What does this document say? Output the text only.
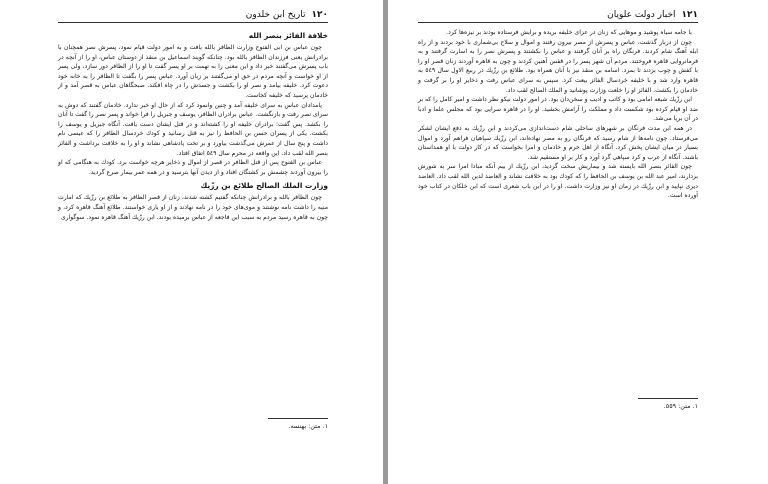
١٢٠
تاريخ ابن خلدون
خلافة الفائز بنصر الله

چون عباس بن ابى الفتوح وزارت الظافر بالله يافت و به امور دولت قيام نمود، پسرش نصر همچنان با برادرانش يعنى فرزندان الظافر بالله بود. چنانكه گويند اسماعيل بن منقذ از دوستان عباس، او را از آنچه در باب پسرش مى‌گفتند خبر داد و اين معنى را به تهمت بر او پسر گفت تا او را از الظافر دور سازد، ولى پسر از او خواست و آنچه مردم در حق او مى‌گفتند بر زبان آورد. عباس پسر را بگفت تا الظافر را به خانه خود دعوت كرد. خليفه بيامد و نصر او را بكشت و جسدش را در چاه افكند. صبحگاهان عباس به قصر آمد و از خادمان پرسيد كه خليفه كجاست.

پامدادان عباس به سراى خليفه آمد و چنين وانمود كرد كه از حال او خبر ندارد. خادمان گفتند كه دوش به سراى نصر رفت و بازنگشت. عباس برادران الظافر، يوسف و جبريل را فرا خواند و پسر نصر را گفت تا آنان را بكشد. پس گفت: برادران خليفه او را كشته‌اند و در قتل ايشان دست يافت. آنگاه جبريل و يوسف را بكشت. يكى از پسران حسن بن الحافظ را نيز به قتل رسانيد و كودك خردسال الظافر را كه عيسى نام داشت و پنج سال از عمرش مى‌گذشت بياورد و بر تخت پادشاهى نشاند و او را به خلافت برداشت و الفائز بنصر الله لقب داد. اين واقعه در محرم سال ٥٤٩ اتفاق افتاد.

عباس بن الفتوح پس از قتل الظافر در قصر از اموال و ذخاير هرچه خواست برد. كودك به هنگامى كه او را بيرون آوردند چشمش بر كشتگان افتاد و از ديدن آنها بترسيد و در همه عمر بيمار صرع گرديد.

وزارت الملك الصالح طلائع بن رزّيك

چون الظافر بالله و برادرانش چنانكه گفتيم كشته شدند، زنان از قصر الظافر به طلائع بن رزّيك كه امارت منيه را داشت نامه نوشتند و موى‌هاى خود را در نامه نهادند و از او يارى خواستند. طلائع آهنگ قاهره كرد، و چون به قاهره رسيد مردم به سبب اين فاجعه از عباس برميده بودند. ابن رزّيك آهنگ قاهره نمود. سوگوارى

١. متن: بهنسه.
١٢١
اخبار دولت علويان

با جامه سياه پوشيد و موهايى كه زنان در عزاى خليفه بريده و برايش فرستاده بودند بر نيزه‌ها كرد.

چون از دربار گذشت، عباس و پسرش از مصر بيرون رفتند و اموال و سلاح بى‌شمارى با خود بردند و از راه ايله آهنگ شام كردند. فرنگان راه بر آنان گرفتند و عباس را بكشتند و پسرش نصر را به اسارت گرفتند و به فرمانروايى قاهره فروختند. مردم آن شهر پسر را در قفس آهنين كردند و چون به قاهره آوردند زنان قصر او را با كفش و چوب بزدند تا بمرد. اسامه بن منقذ نيز با آنان همراه بود. طلائع بن رزّيك در ربيع الاول سال ٥٤٩ به قاهره وارد شد و با خليفه خردسال الفائز بيعت كرد. سپس به سراى عباس رفت و ذخاير او را بر گرفت و خادمان را بكشت. الفائز او را خلعت وزارت پوشانيد و الملك الصالح لقب داد.

ابن رزّيك شيعه امامى بود و كاتب و اديب و سخن‌دان بود. در امور دولت نيكو نظر داشت و امير كامل را كه بر ضد او قيام كرده بود شكست داد و مملكت را آرامش بخشيد. او را در قاهره سرايى بود كه مجلس علما و ادبا در آن برپا مى‌شد.

در همه اين مدت فرنگان بر شهرهاى ساحلى شام دست‌اندازى مى‌كردند و ابن رزّيك به دفع ايشان لشكر مى‌فرستاد. چون نامه‌ها از شام رسيد كه فرنگان رو به مصر نهاده‌اند، ابن رزّيك سپاهيان فراهم آورد و اموال بسيار در ميان ايشان پخش كرد. آنگاه از اهل حرم و خادمان و امرا بخواست كه در كار دولت با او همداستان باشند. آنگاه از عرب و كرد سپاهى گرد آورد و كار بر او مستقيم شد.

چون الفائز بنصر الله بايسته شد و بيماريش سخت گرديد، ابن رزّيك از بيم آنكه مبادا امرا سر به شورش بردارند، امير عبد الله بن يوسف بن الحافظ را كه كودك بود به خلافت نشاند و العاضد لدين الله لقب داد. العاضد ديرى نپاييد و ابن رزّيك در زمان او نيز وزارت داشت. او را در اين باب شعرى است كه ابن خلكان در كتاب خود آورده است.

١. متن: ٥٥٩.
